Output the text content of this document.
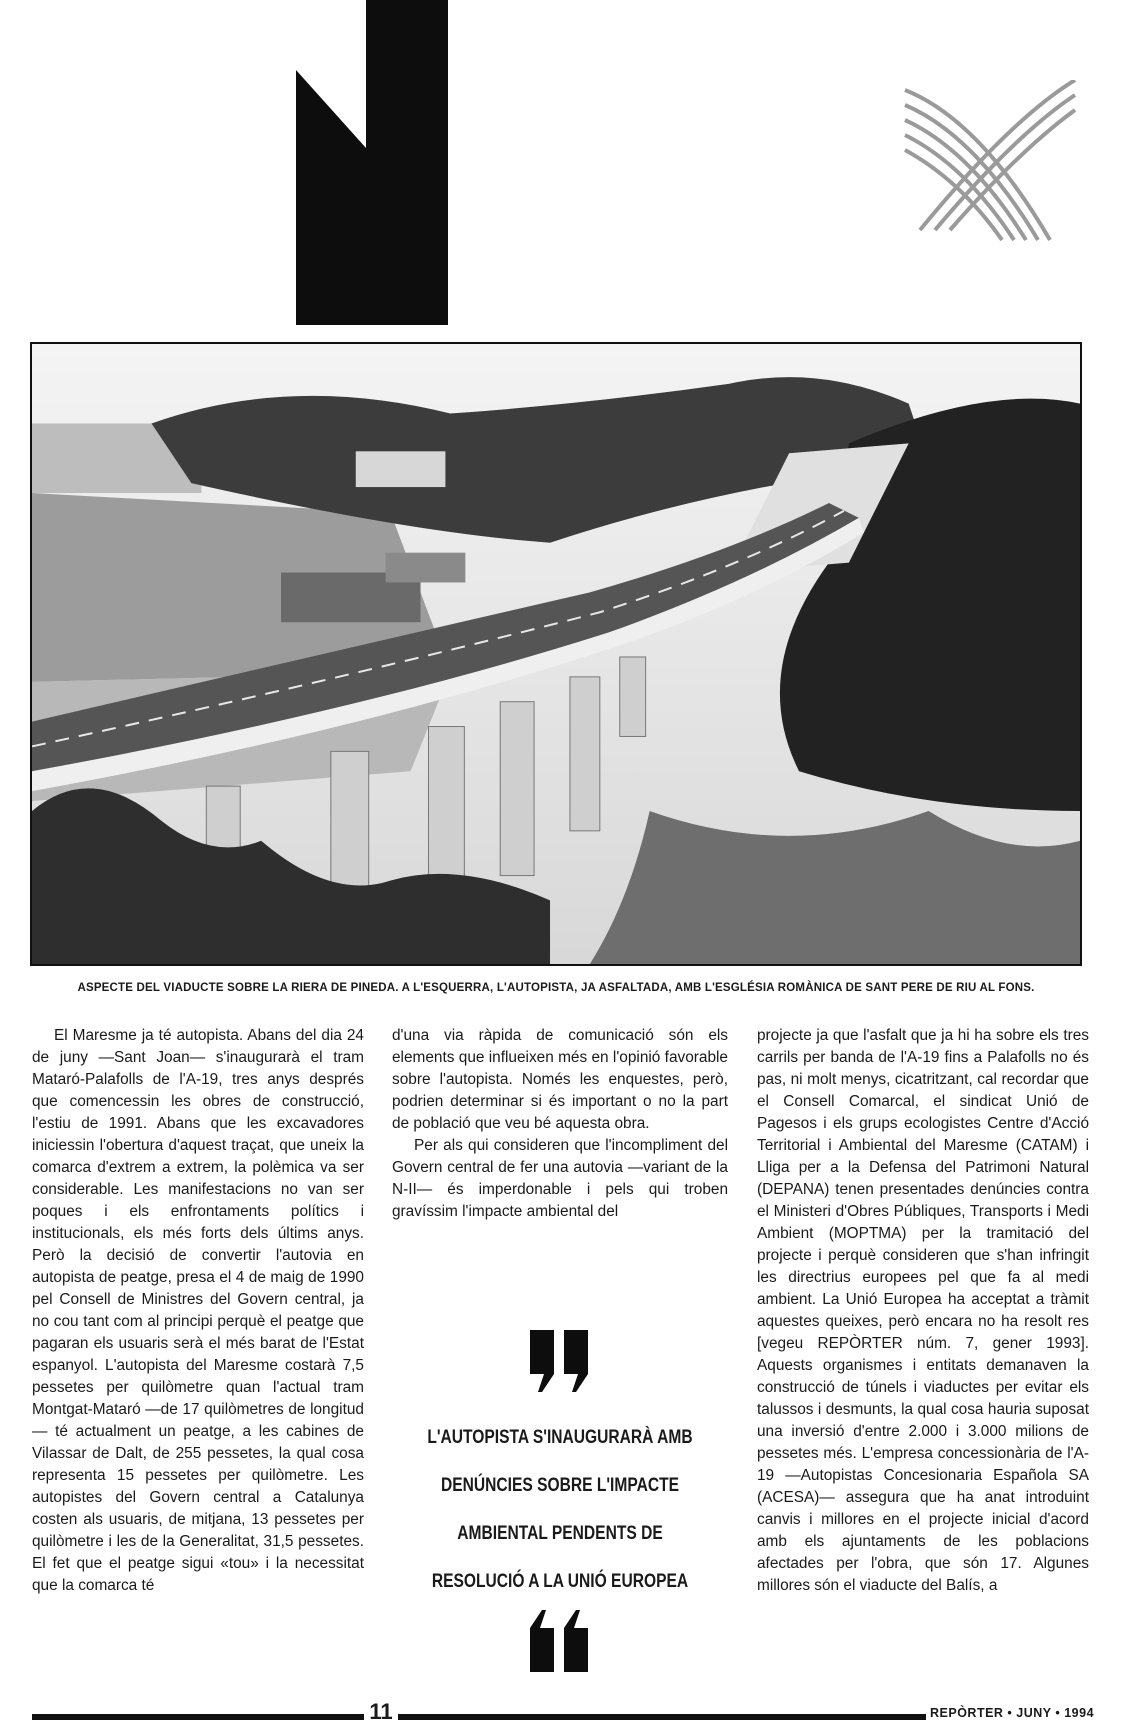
ASPECTE DEL VIADUCTE SOBRE LA RIERA DE PINEDA. A L'ESQUERRA, L'AUTOPISTA, JA ASFALTADA, AMB L'ESGLÉSIA ROMÀNICA DE SANT PERE DE RIU AL FONS.

El Maresme ja té autopista. Abans del dia 24 de juny —Sant Joan— s'inaugurarà el tram Mataró-Palafolls de l'A-19, tres anys després que comencessin les obres de construcció, l'estiu de 1991. Abans que les excavadores iniciessin l'obertura d'aquest traçat, que uneix la comarca d'extrem a extrem, la polèmica va ser considerable. Les manifestacions no van ser poques i els enfrontaments polítics i institucionals, els més forts dels últims anys. Però la decisió de convertir l'autovia en autopista de peatge, presa el 4 de maig de 1990 pel Consell de Ministres del Govern central, ja no cou tant com al principi perquè el peatge que pagaran els usuaris serà el més barat de l'Estat espanyol. L'autopista del Maresme costarà 7,5 pessetes per quilòmetre quan l'actual tram Montgat-Mataró —de 17 quilòmetres de longitud— té actualment un peatge, a les cabines de Vilassar de Dalt, de 255 pessetes, la qual cosa representa 15 pessetes per quilòmetre. Les autopistes del Govern central a Catalunya costen als usuaris, de mitjana, 13 pessetes per quilòmetre i les de la Generalitat, 31,5 pessetes. El fet que el peatge sigui «tou» i la necessitat que la comarca té

d'una via ràpida de comunicació són els elements que influeixen més en l'opinió favorable sobre l'autopista. Només les enquestes, però, podrien determinar si és important o no la part de població que veu bé aquesta obra.

Per als qui consideren que l'incompliment del Govern central de fer una autovia —variant de la N-II— és imperdonable i pels qui troben gravíssim l'impacte ambiental del

projecte ja que l'asfalt que ja hi ha sobre els tres carrils per banda de l'A-19 fins a Palafolls no és pas, ni molt menys, cicatritzant, cal recordar que el Consell Comarcal, el sindicat Unió de Pagesos i els grups ecologistes Centre d'Acció Territorial i Ambiental del Maresme (CATAM) i Lliga per a la Defensa del Patrimoni Natural (DEPANA) tenen presentades denúncies contra el Ministeri d'Obres Públiques, Transports i Medi Ambient (MOPTMA) per la tramitació del projecte i perquè consideren que s'han infringit les directrius europees pel que fa al medi ambient. La Unió Europea ha acceptat a tràmit aquestes queixes, però encara no ha resolt res [vegeu REPÒRTER núm. 7, gener 1993]. Aquests organismes i entitats demanaven la construcció de túnels i viaductes per evitar els talussos i desmunts, la qual cosa hauria suposat una inversió d'entre 2.000 i 3.000 milions de pessetes més. L'empresa concessionària de l'A-19 —Autopistas Concesionaria Española SA (ACESA)— assegura que ha anat introduint canvis i millores en el projecte inicial d'acord amb els ajuntaments de les poblacions afectades per l'obra, que són 17. Algunes millores són el viaducte del Balís, a

L'AUTOPISTA S'INAUGURARÀ AMB
DENÚNCIES SOBRE L'IMPACTE
AMBIENTAL PENDENTS DE
RESOLUCIÓ A LA UNIÓ EUROPEA
11	REPÒRTER • JUNY • 1994
